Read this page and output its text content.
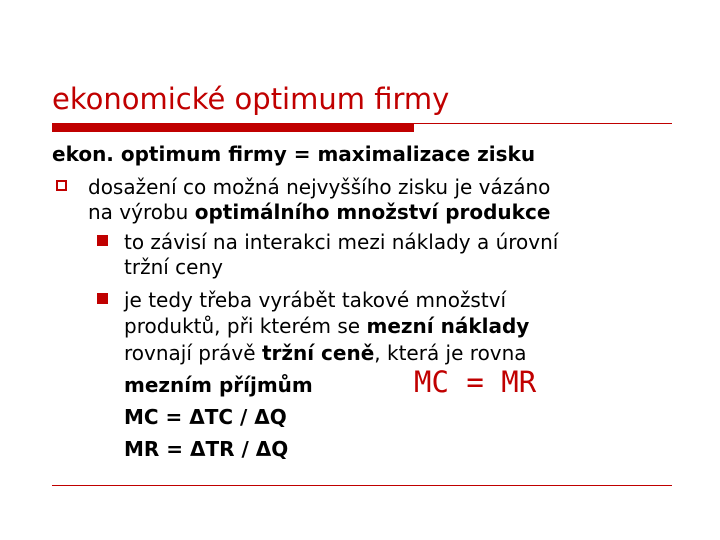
ekonomické optimum firmy
ekon. optimum firmy = maximalizace zisku
dosažení co možná nejvyššího zisku je vázáno
na výrobu optimálního množství produkce
to závisí na interakci mezi náklady a úrovní
tržní ceny
je tedy třeba vyrábět takové množství
produktů, při kterém se mezní náklady
rovnají právě tržní ceně, která je rovna
mezním příjmům	MC = MR
MC = ΔTC / ΔQ
MR = ΔTR / ΔQ
